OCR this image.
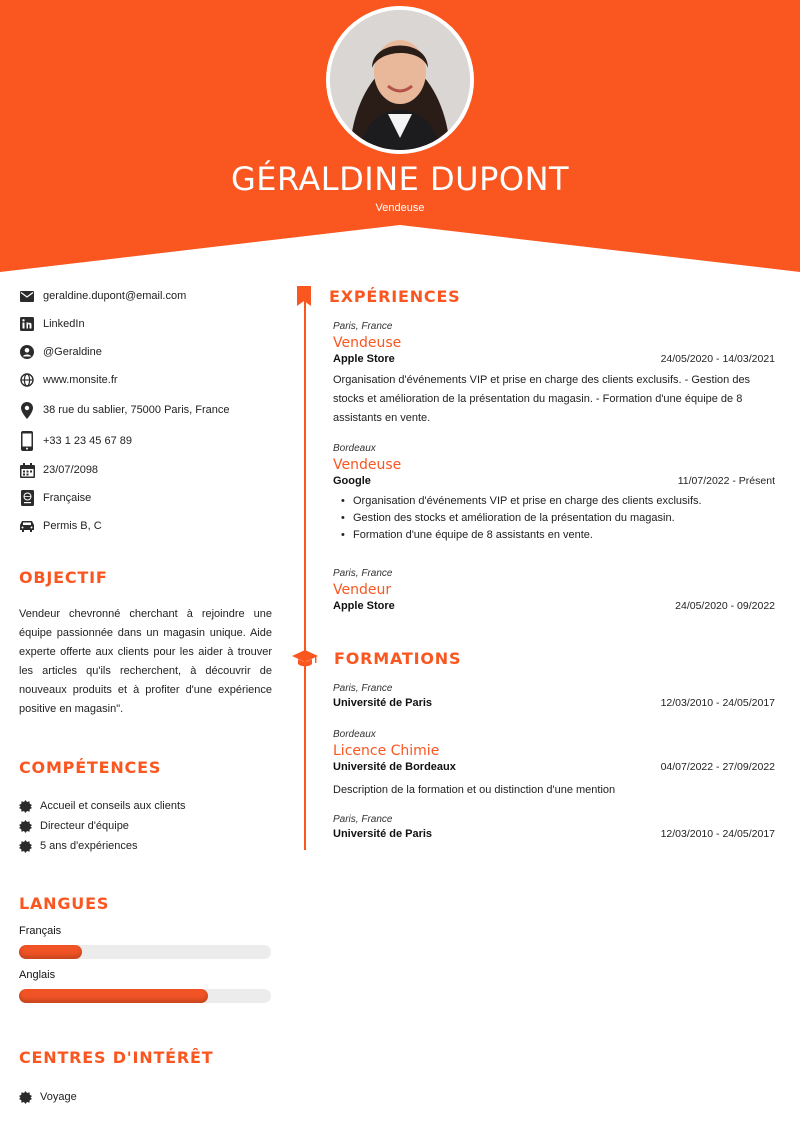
GÉRALDINE DUPONT
Vendeuse
geraldine.dupont@email.com
LinkedIn
@Geraldine
www.monsite.fr
38 rue du sablier, 75000 Paris, France
+33 1 23 45 67 89
23/07/2098
Française
Permis B, C
OBJECTIF
Vendeur chevronné cherchant à rejoindre une équipe passionnée dans un magasin unique. Aide experte offerte aux clients pour les aider à trouver les articles qu'ils recherchent, à découvrir de nouveaux produits et à profiter d'une expérience positive en magasin".
COMPÉTENCES
Accueil et conseils aux clients
Directeur d'équipe
5 ans d'expériences
LANGUES
Français
Anglais
CENTRES D'INTÉRÊT
Voyage
EXPÉRIENCES
Paris, France
Vendeuse
Apple Store	24/05/2020 - 14/03/2021
Organisation d'événements VIP et prise en charge des clients exclusifs. - Gestion des stocks et amélioration de la présentation du magasin. - Formation d'une équipe de 8 assistants en vente.
Bordeaux
Vendeuse
Google	11/07/2022 - Présent
• Organisation d'événements VIP et prise en charge des clients exclusifs.
• Gestion des stocks et amélioration de la présentation du magasin.
• Formation d'une équipe de 8 assistants en vente.
Paris, France
Vendeur
Apple Store	24/05/2020 - 09/2022
FORMATIONS
Paris, France
Université de Paris	12/03/2010 - 24/05/2017
Bordeaux
Licence Chimie
Université de Bordeaux	04/07/2022 - 27/09/2022
Description de la formation et ou distinction d'une mention
Paris, France
Université de Paris	12/03/2010 - 24/05/2017
